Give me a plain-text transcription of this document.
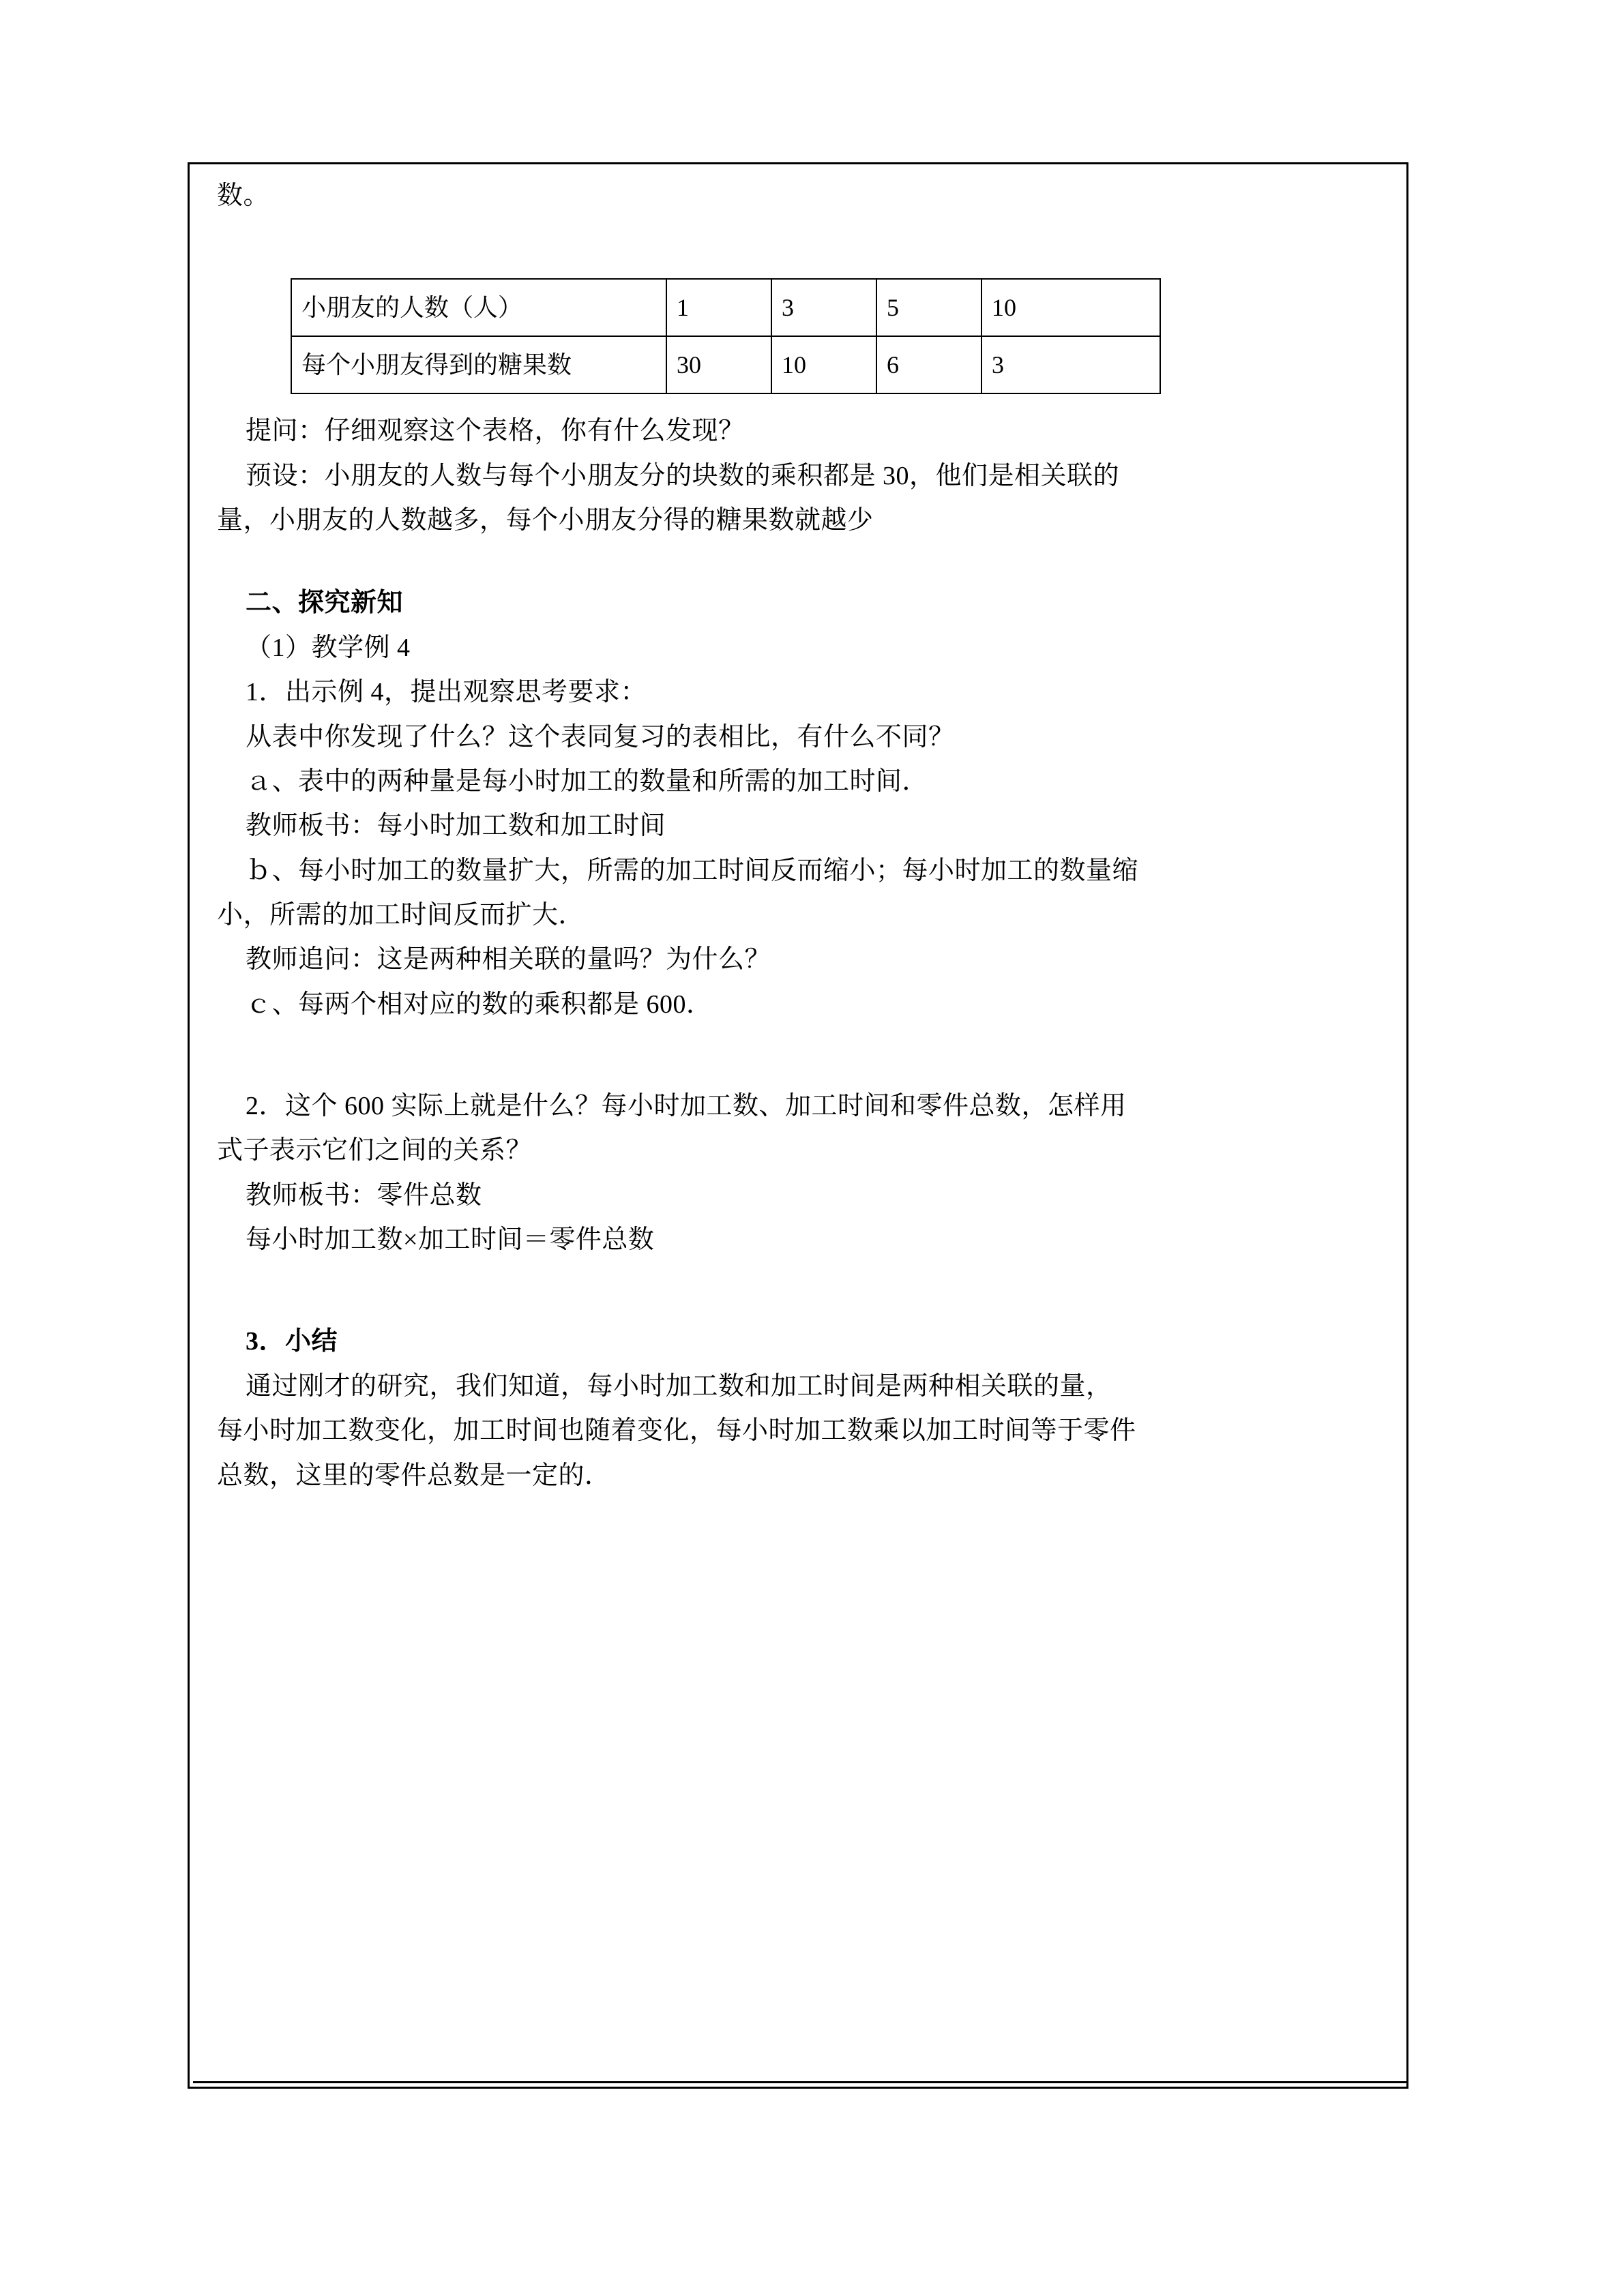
数。

小朋友的人数（人）	1	3	5	10
每个小朋友得到的糖果数	30	10	6	3

提问：仔细观察这个表格，你有什么发现？

预设：小朋友的人数与每个小朋友分的块数的乘积都是 30，他们是相关联的

量，小朋友的人数越多，每个小朋友分得的糖果数就越少

二、探究新知

（1）教学例 4

1．出示例 4，提出观察思考要求：

从表中你发现了什么？这个表同复习的表相比，有什么不同？

ａ、表中的两种量是每小时加工的数量和所需的加工时间．

教师板书：每小时加工数和加工时间

ｂ、每小时加工的数量扩大，所需的加工时间反而缩小；每小时加工的数量缩

小，所需的加工时间反而扩大．

教师追问：这是两种相关联的量吗？为什么？

ｃ、每两个相对应的数的乘积都是 600．

2．这个 600 实际上就是什么？每小时加工数、加工时间和零件总数，怎样用

式子表示它们之间的关系？

教师板书：零件总数

每小时加工数×加工时间＝零件总数

3．小结

通过刚才的研究，我们知道，每小时加工数和加工时间是两种相关联的量，

每小时加工数变化，加工时间也随着变化，每小时加工数乘以加工时间等于零件

总数，这里的零件总数是一定的．
